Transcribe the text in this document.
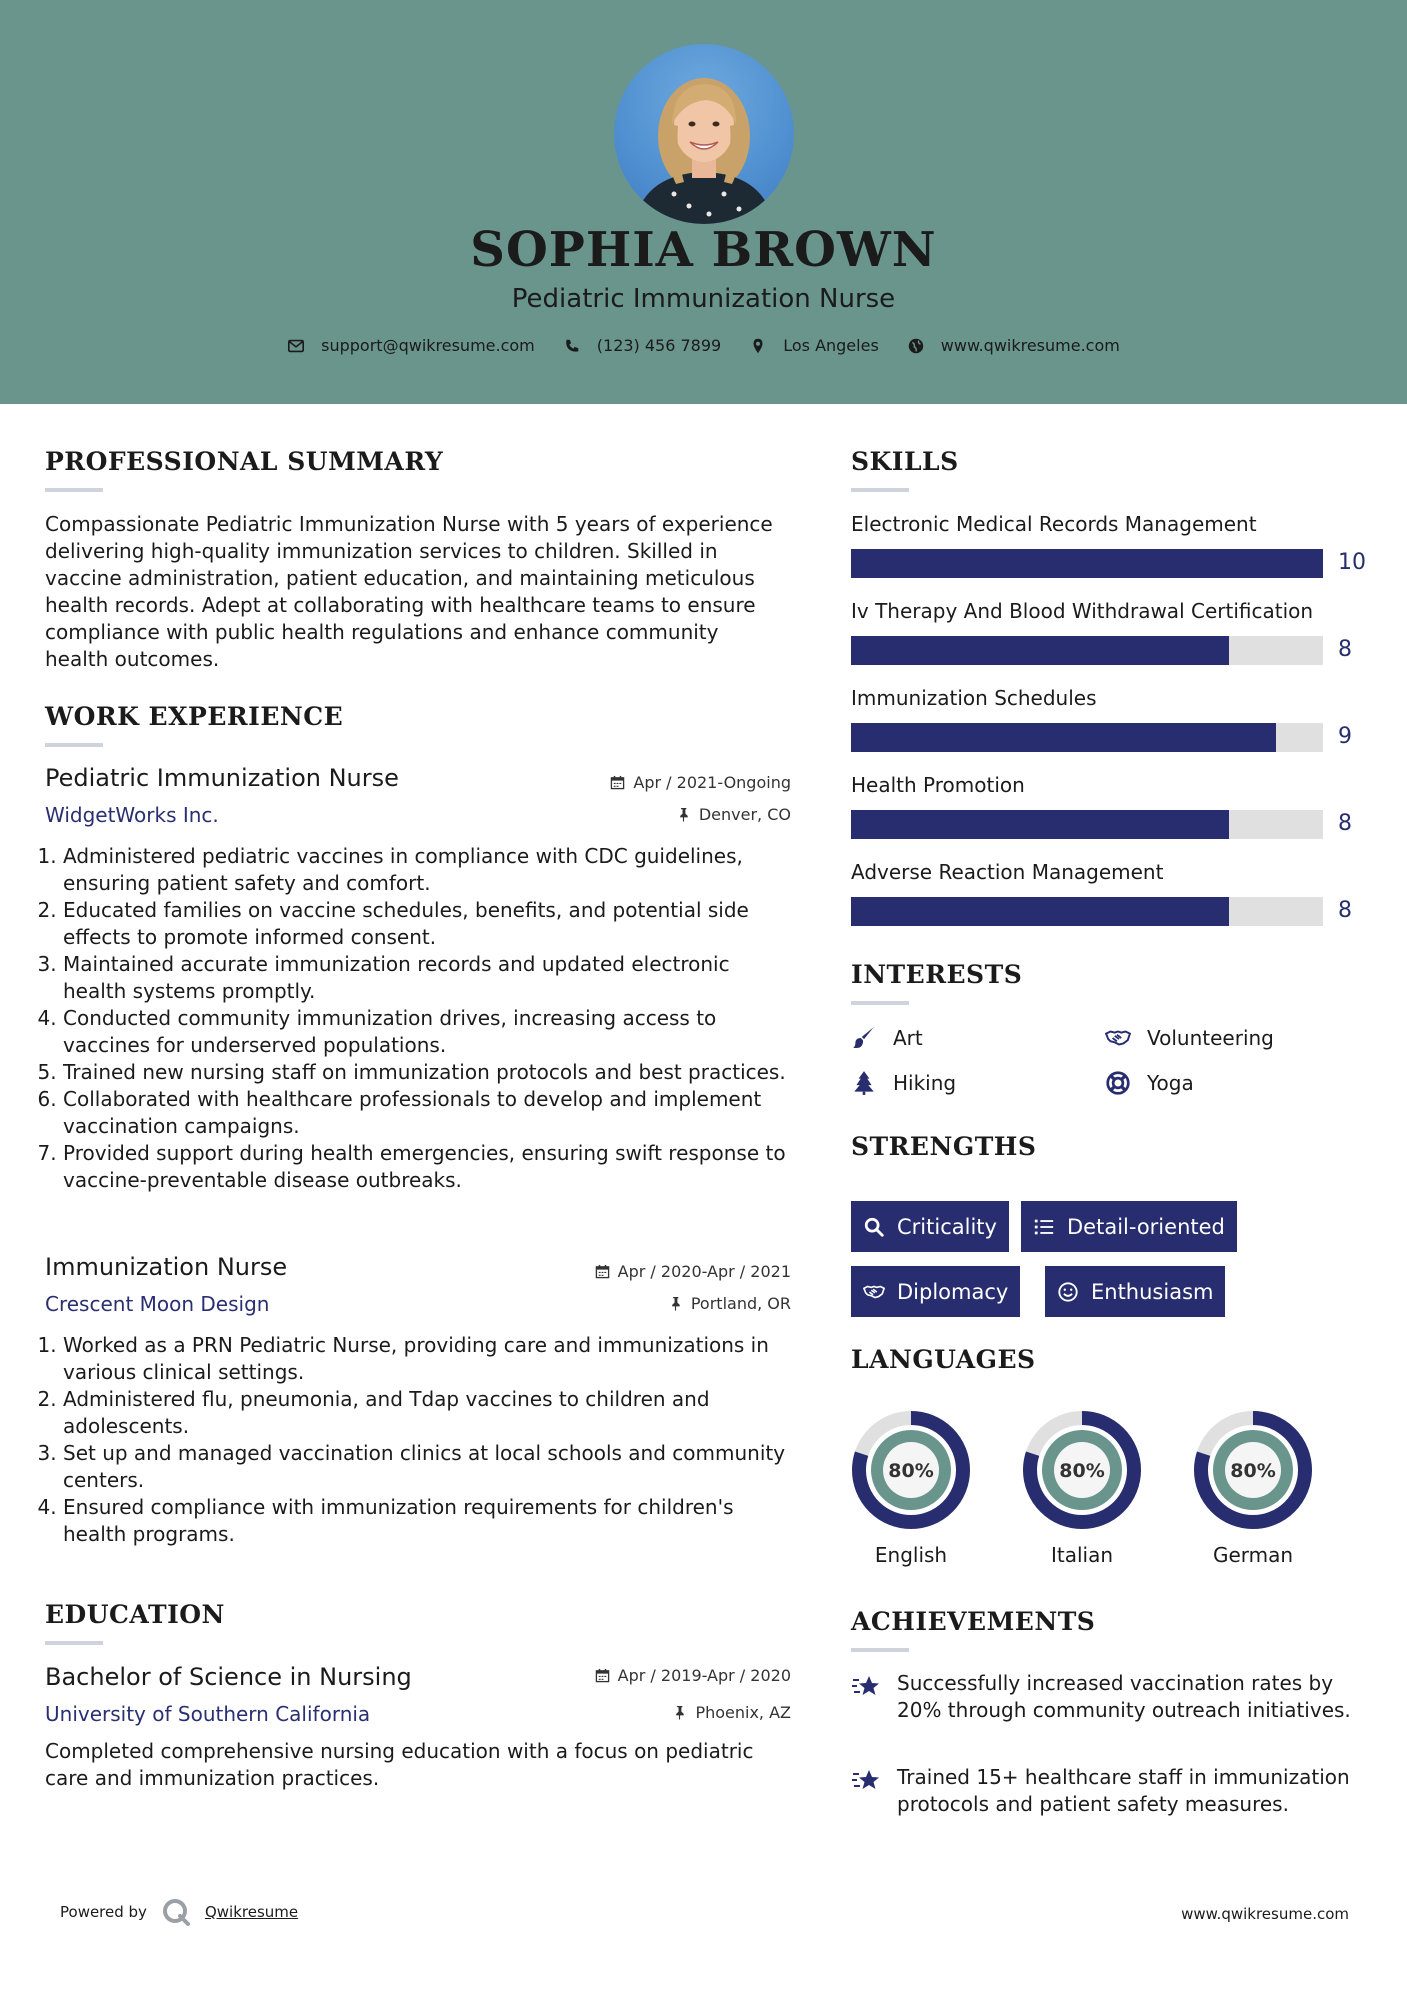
SOPHIA BROWN
Pediatric Immunization Nurse
support@qwikresume.com	(123) 456 7899	Los Angeles	www.qwikresume.com
PROFESSIONAL SUMMARY
Compassionate Pediatric Immunization Nurse with 5 years of experience delivering high-quality immunization services to children. Skilled in vaccine administration, patient education, and maintaining meticulous health records. Adept at collaborating with healthcare teams to ensure compliance with public health regulations and enhance community health outcomes.
WORK EXPERIENCE
Pediatric Immunization Nurse	Apr / 2021-Ongoing
WidgetWorks Inc.	Denver, CO
1. Administered pediatric vaccines in compliance with CDC guidelines, ensuring patient safety and comfort.
2. Educated families on vaccine schedules, benefits, and potential side effects to promote informed consent.
3. Maintained accurate immunization records and updated electronic health systems promptly.
4. Conducted community immunization drives, increasing access to vaccines for underserved populations.
5. Trained new nursing staff on immunization protocols and best practices.
6. Collaborated with healthcare professionals to develop and implement vaccination campaigns.
7. Provided support during health emergencies, ensuring swift response to vaccine-preventable disease outbreaks.
Immunization Nurse	Apr / 2020-Apr / 2021
Crescent Moon Design	Portland, OR
1. Worked as a PRN Pediatric Nurse, providing care and immunizations in various clinical settings.
2. Administered flu, pneumonia, and Tdap vaccines to children and adolescents.
3. Set up and managed vaccination clinics at local schools and community centers.
4. Ensured compliance with immunization requirements for children's health programs.
EDUCATION
Bachelor of Science in Nursing	Apr / 2019-Apr / 2020
University of Southern California	Phoenix, AZ
Completed comprehensive nursing education with a focus on pediatric care and immunization practices.
SKILLS
Electronic Medical Records Management
10
Iv Therapy And Blood Withdrawal Certification
8
Immunization Schedules
9
Health Promotion
8
Adverse Reaction Management
8
INTERESTS
Art	Volunteering
Hiking	Yoga
STRENGTHS
Criticality	Detail-oriented
Diplomacy	Enthusiasm
LANGUAGES
80%
English
80%
Italian
80%
German
ACHIEVEMENTS
Successfully increased vaccination rates by 20% through community outreach initiatives.
Trained 15+ healthcare staff in immunization protocols and patient safety measures.
Powered by	Qwikresume	www.qwikresume.com
